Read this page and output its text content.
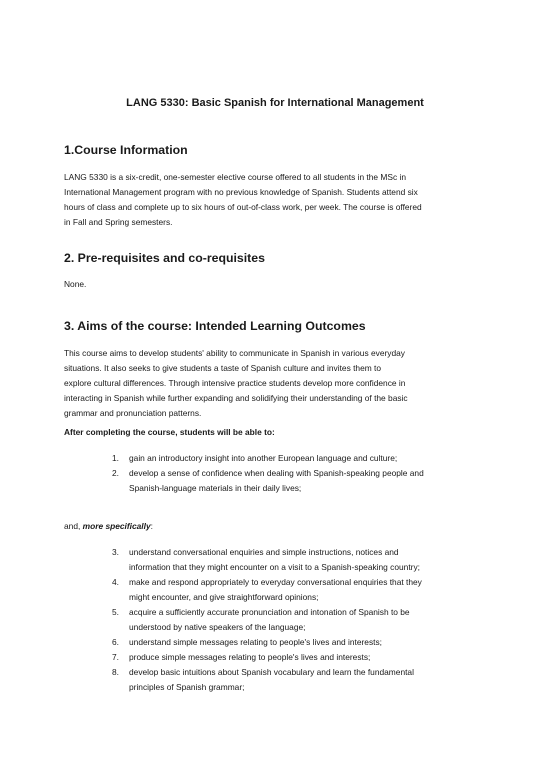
LANG 5330: Basic Spanish for International Management
1.Course Information

LANG 5330 is a six-credit, one-semester elective course offered to all students in the MSc in
International Management program with no previous knowledge of Spanish. Students attend six
hours of class and complete up to six hours of out-of-class work, per week. The course is offered
in Fall and Spring semesters.

2. Pre-requisites and co-requisites

None.

3. Aims of the course: Intended Learning Outcomes

This course aims to develop students' ability to communicate in Spanish in various everyday
situations. It also seeks to give students a taste of Spanish culture and invites them to
explore cultural differences. Through intensive practice students develop more confidence in
interacting in Spanish while further expanding and solidifying their understanding of the basic
grammar and pronunciation patterns.

After completing the course, students will be able to:

1. gain an introductory insight into another European language and culture;
2. develop a sense of confidence when dealing with Spanish-speaking people and
Spanish-language materials in their daily lives;

and, more specifically:

3. understand conversational enquiries and simple instructions, notices and
information that they might encounter on a visit to a Spanish-speaking country;
4. make and respond appropriately to everyday conversational enquiries that they
might encounter, and give straightforward opinions;
5. acquire a sufficiently accurate pronunciation and intonation of Spanish to be
understood by native speakers of the language;
6. understand simple messages relating to people's lives and interests;
7. produce simple messages relating to people's lives and interests;
8. develop basic intuitions about Spanish vocabulary and learn the fundamental
principles of Spanish grammar;
